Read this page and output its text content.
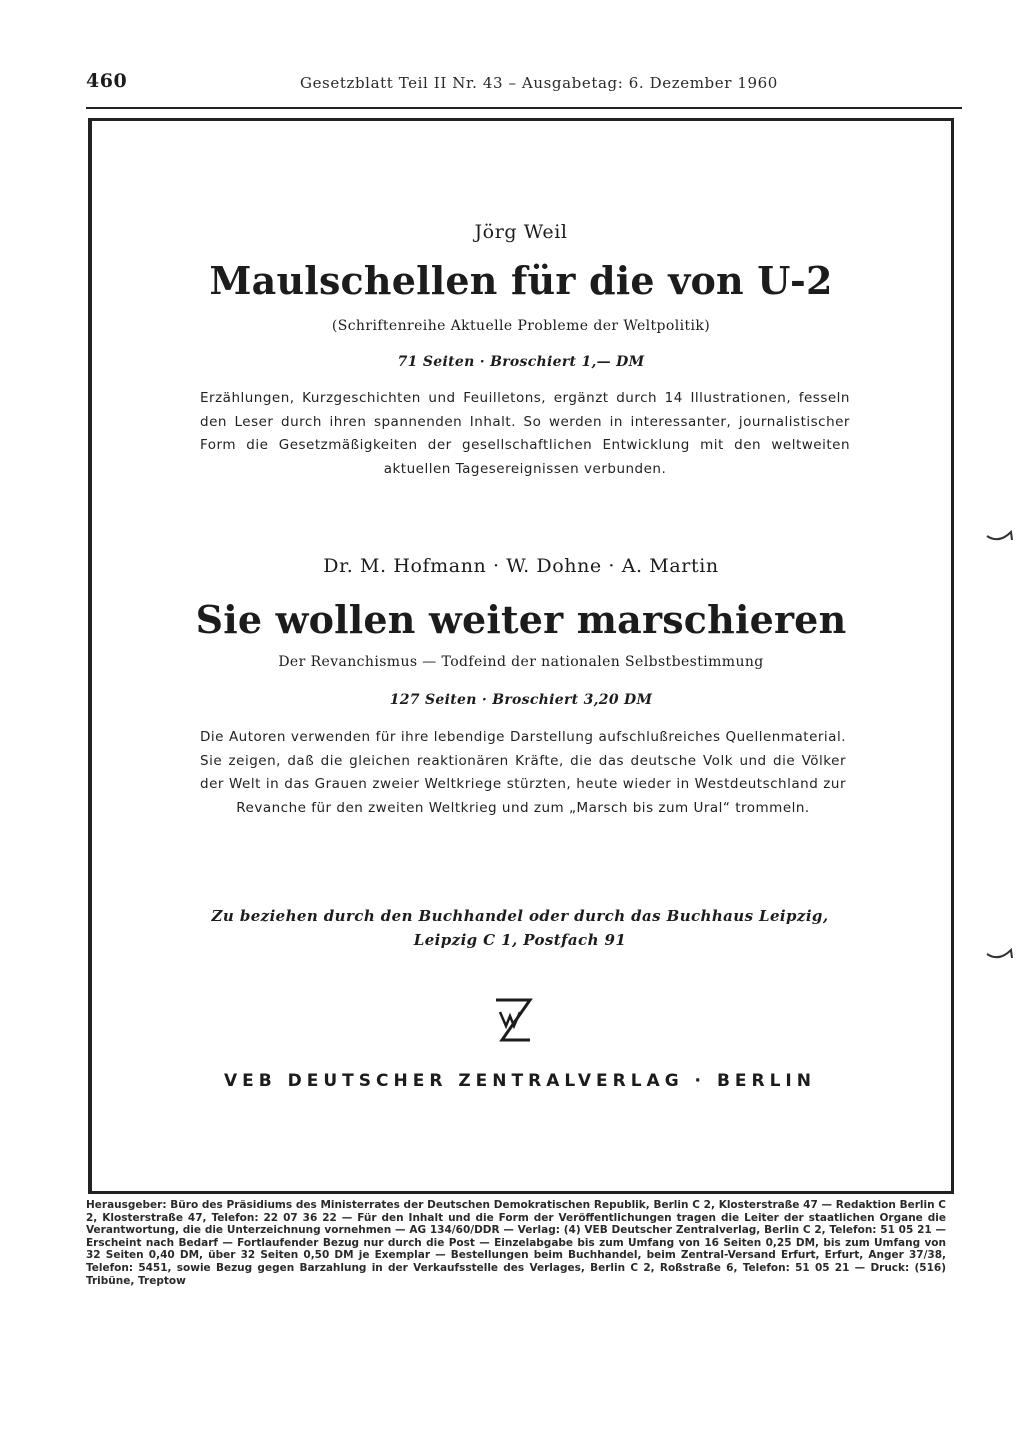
460	Gesetzblatt Teil II Nr. 43 – Ausgabetag: 6. Dezember 1960
Jörg Weil
Maulschellen für die von U-2
(Schriftenreihe Aktuelle Probleme der Weltpolitik)
71 Seiten · Broschiert 1,— DM
Erzählungen, Kurzgeschichten und Feuilletons, ergänzt durch 14 Illustrationen, fesseln den Leser durch ihren spannenden Inhalt. So werden in interessanter, journalistischer Form die Gesetzmäßigkeiten der gesellschaftlichen Entwicklung mit den weltweiten aktuellen Tagesereignissen verbunden.
Dr. M. Hofmann · W. Dohne · A. Martin
Sie wollen weiter marschieren
Der Revanchismus — Todfeind der nationalen Selbstbestimmung
127 Seiten · Broschiert 3,20 DM
Die Autoren verwenden für ihre lebendige Darstellung aufschlußreiches Quellenmaterial. Sie zeigen, daß die gleichen reaktionären Kräfte, die das deutsche Volk und die Völker der Welt in das Grauen zweier Weltkriege stürzten, heute wieder in Westdeutschland zur Revanche für den zweiten Weltkrieg und zum „Marsch bis zum Ural“ trommeln.
Zu beziehen durch den Buchhandel oder durch das Buchhaus Leipzig, Leipzig C 1, Postfach 91
ZV
VEB DEUTSCHER ZENTRALVERLAG · BERLIN
Herausgeber: Büro des Präsidiums des Ministerrates der Deutschen Demokratischen Republik, Berlin C 2, Klosterstraße 47 — Redaktion Berlin C 2, Klosterstraße 47, Telefon: 22 07 36 22 — Für den Inhalt und die Form der Veröffentlichungen tragen die Leiter der staatlichen Organe die Verantwortung, die die Unterzeichnung vornehmen — AG 134/60/DDR — Verlag: (4) VEB Deutscher Zentralverlag, Berlin C 2, Telefon: 51 05 21 — Erscheint nach Bedarf — Fortlaufender Bezug nur durch die Post — Einzelabgabe bis zum Umfang von 16 Seiten 0,25 DM, bis zum Umfang von 32 Seiten 0,40 DM, über 32 Seiten 0,50 DM je Exemplar — Bestellungen beim Buchhandel, beim Zentral-Versand Erfurt, Erfurt, Anger 37/38, Telefon: 5451, sowie Bezug gegen Barzahlung in der Verkaufsstelle des Verlages, Berlin C 2, Roßstraße 6, Telefon: 51 05 21 — Druck: (516) Tribüne, Treptow
